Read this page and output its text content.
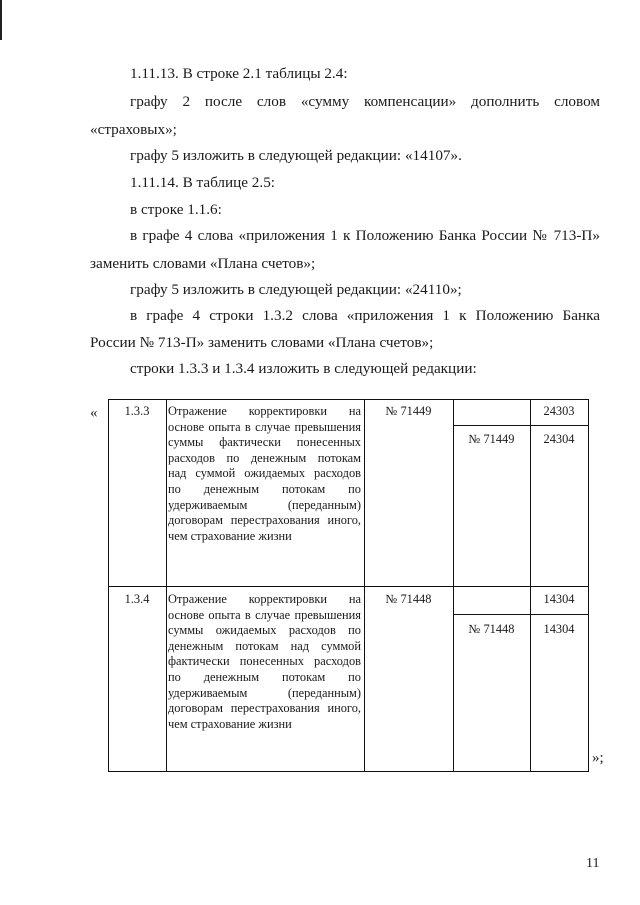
1.11.13. В строке 2.1 таблицы 2.4:
графу 2 после слов «сумму компенсации» дополнить словом
«страховых»;
графу 5 изложить в следующей редакции: «14107».
1.11.14. В таблице 2.5:
в строке 1.1.6:
в графе 4 слова «приложения 1 к Положению Банка России № 713-П»
заменить словами «Плана счетов»;
графу 5 изложить в следующей редакции: «24110»;
в графе 4 строки 1.3.2 слова «приложения 1 к Положению Банка
России № 713-П» заменить словами «Плана счетов»;
строки 1.3.3 и 1.3.4 изложить в следующей редакции:
«
»;
1.3.3	Отражение корректировки на
основе опыта в случае превышения
суммы фактически понесенных
расходов по денежным потокам
над суммой ожидаемых расходов
по денежным потокам по
удерживаемым (переданным)
договорам перестрахования иного,
чем страхование жизни
№ 71449
№ 71449
24303
24304
1.3.4	Отражение корректировки на
основе опыта в случае превышения
суммы ожидаемых расходов по
денежным потокам над суммой
фактически понесенных расходов
по денежным потокам по
удерживаемым (переданным)
договорам перестрахования иного,
чем страхование жизни
№ 71448
№ 71448
14304
14304
11
